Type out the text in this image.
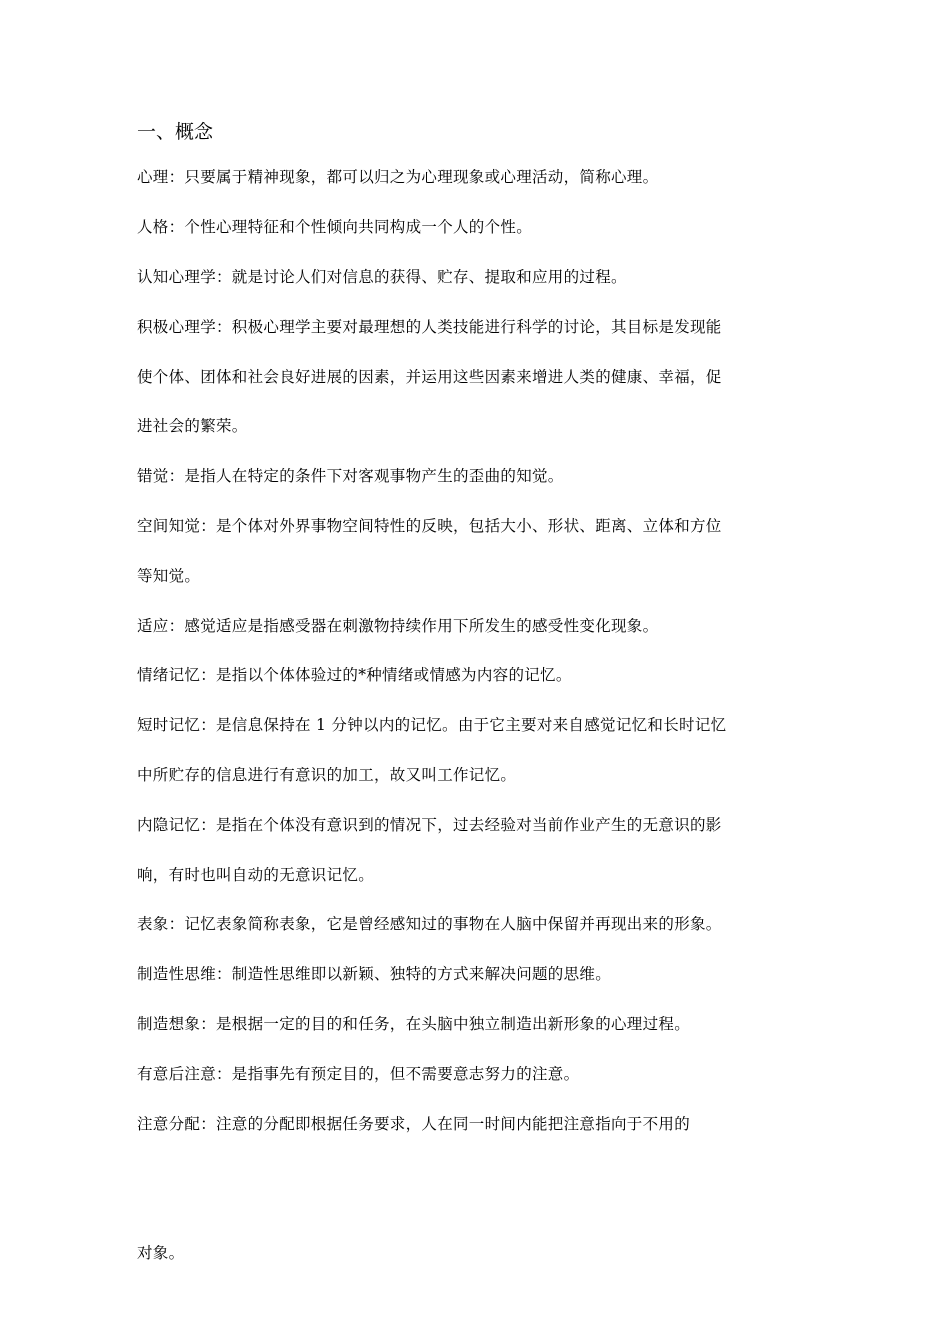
一、概念
心理：只要属于精神现象，都可以归之为心理现象或心理活动，简称心理。
人格：个性心理特征和个性倾向共同构成一个人的个性。
认知心理学：就是讨论人们对信息的获得、贮存、提取和应用的过程。
积极心理学：积极心理学主要对最理想的人类技能进行科学的讨论，其目标是发现能
使个体、团体和社会良好进展的因素，并运用这些因素来增进人类的健康、幸福，促
进社会的繁荣。
错觉：是指人在特定的条件下对客观事物产生的歪曲的知觉。
空间知觉：是个体对外界事物空间特性的反映，包括大小、形状、距离、立体和方位
等知觉。
适应：感觉适应是指感受器在刺激物持续作用下所发生的感受性变化现象。
情绪记忆：是指以个体体验过的*种情绪或情感为内容的记忆。
短时记忆：是信息保持在 1 分钟以内的记忆。由于它主要对来自感觉记忆和长时记忆
中所贮存的信息进行有意识的加工，故又叫工作记忆。
内隐记忆：是指在个体没有意识到的情况下，过去经验对当前作业产生的无意识的影
响，有时也叫自动的无意识记忆。
表象：记忆表象简称表象，它是曾经感知过的事物在人脑中保留并再现出来的形象。
制造性思维：制造性思维即以新颖、独特的方式来解决问题的思维。
制造想象：是根据一定的目的和任务，在头脑中独立制造出新形象的心理过程。
有意后注意：是指事先有预定目的，但不需要意志努力的注意。
注意分配：注意的分配即根据任务要求，人在同一时间内能把注意指向于不用的
对象。
